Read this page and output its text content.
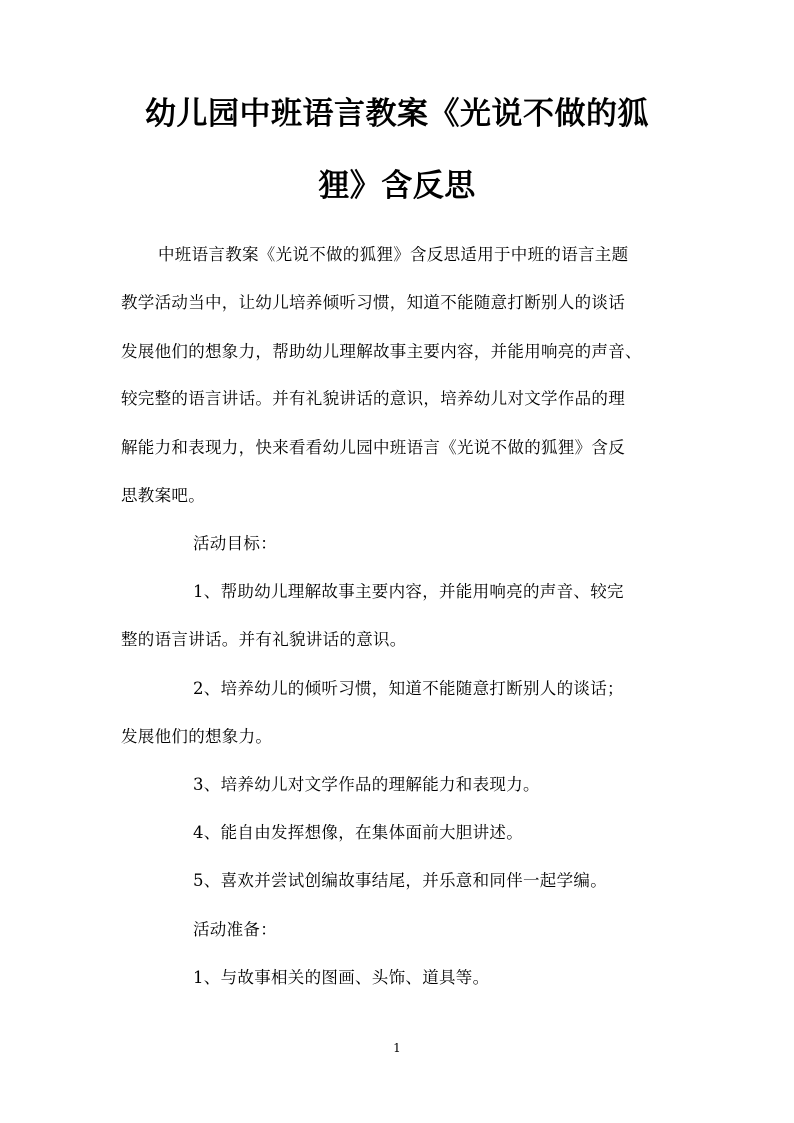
幼儿园中班语言教案《光说不做的狐
狸》含反思
中班语言教案《光说不做的狐狸》含反思适用于中班的语言主题
教学活动当中，让幼儿培养倾听习惯，知道不能随意打断别人的谈话
发展他们的想象力，帮助幼儿理解故事主要内容，并能用响亮的声音、
较完整的语言讲话。并有礼貌讲话的意识，培养幼儿对文学作品的理
解能力和表现力，快来看看幼儿园中班语言《光说不做的狐狸》含反
思教案吧。
活动目标：
1、帮助幼儿理解故事主要内容，并能用响亮的声音、较完
整的语言讲话。并有礼貌讲话的意识。
2、培养幼儿的倾听习惯，知道不能随意打断别人的谈话；
发展他们的想象力。
3、培养幼儿对文学作品的理解能力和表现力。
4、能自由发挥想像，在集体面前大胆讲述。
5、喜欢并尝试创编故事结尾，并乐意和同伴一起学编。
活动准备：
1、与故事相关的图画、头饰、道具等。
1
